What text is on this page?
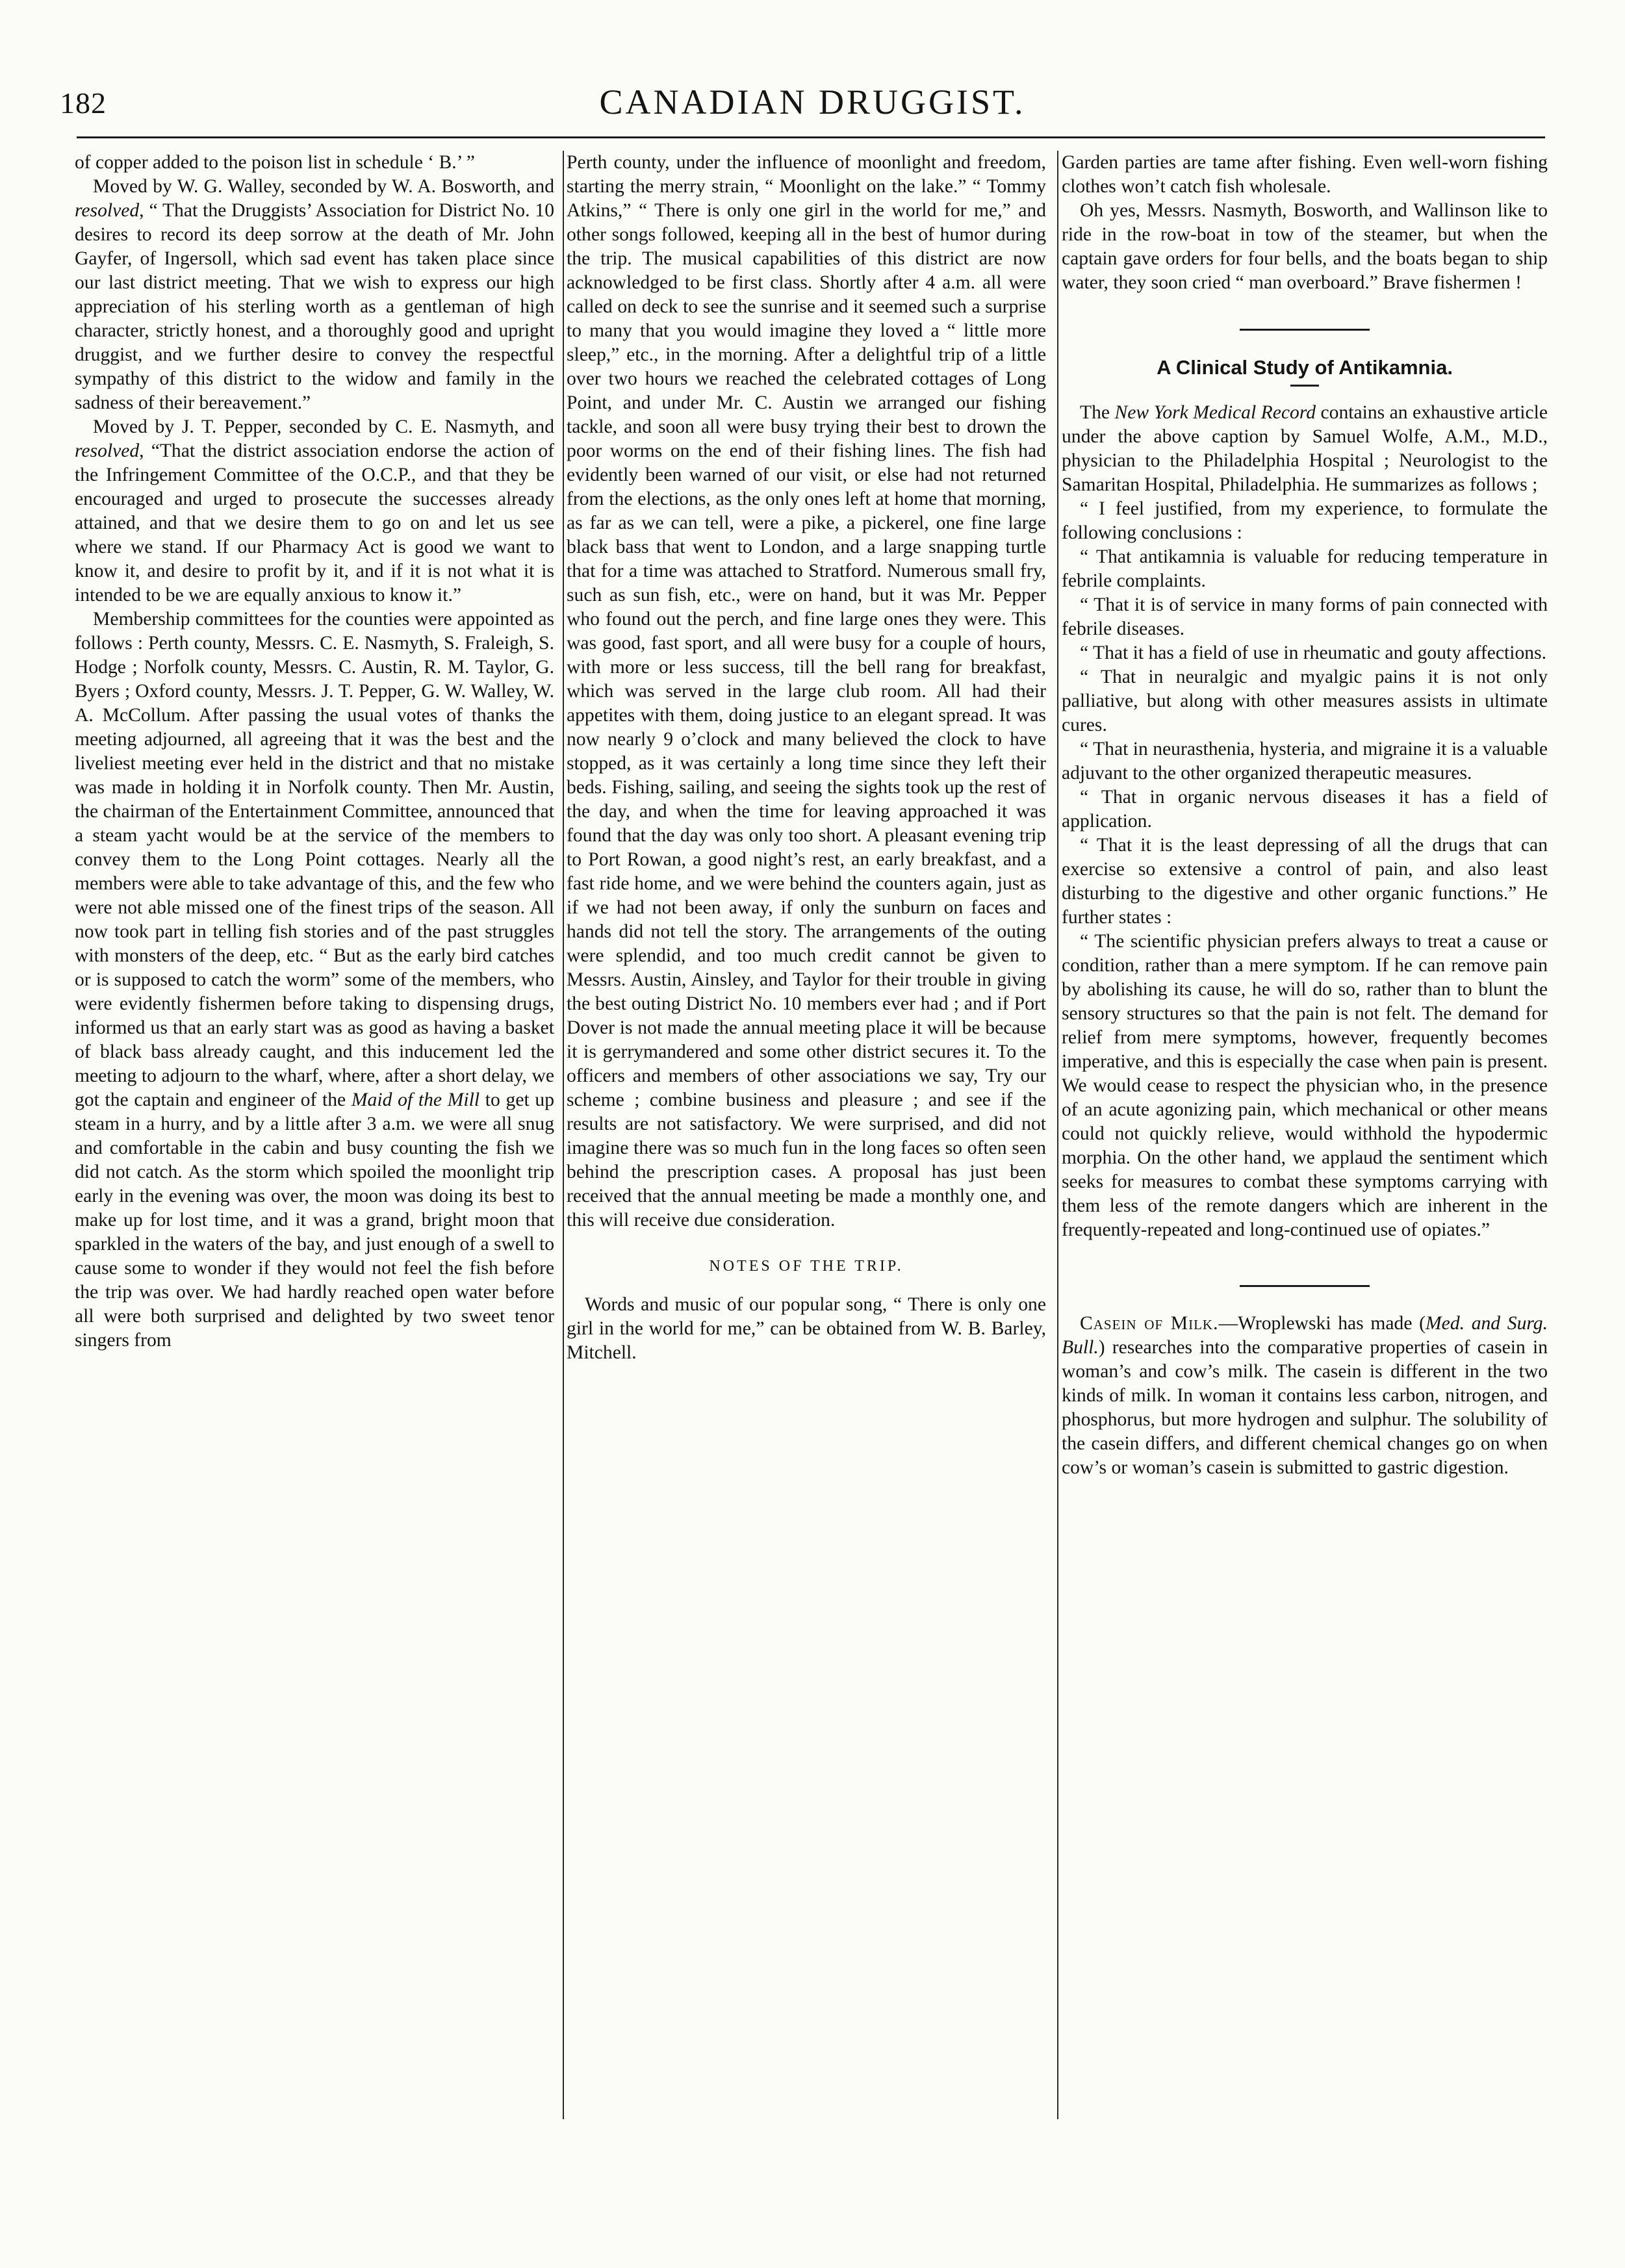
182	CANADIAN DRUGGIST.

of copper added to the poison list in schedule ‘ B.’ ”

Moved by W. G. Walley, seconded by W. A. Bosworth, and resolved, “ That the Druggists’ Association for District No. 10 desires to record its deep sorrow at the death of Mr. John Gayfer, of Ingersoll, which sad event has taken place since our last district meeting. That we wish to express our high appreciation of his sterling worth as a gentleman of high character, strictly honest, and a thoroughly good and upright druggist, and we further desire to convey the respectful sympathy of this district to the widow and family in the sadness of their bereavement.”

Moved by J. T. Pepper, seconded by C. E. Nasmyth, and resolved, “That the district association endorse the action of the Infringement Committee of the O.C.P., and that they be encouraged and urged to prosecute the successes already attained, and that we desire them to go on and let us see where we stand. If our Pharmacy Act is good we want to know it, and desire to profit by it, and if it is not what it is intended to be we are equally anxious to know it.”

Membership committees for the counties were appointed as follows : Perth county, Messrs. C. E. Nasmyth, S. Fraleigh, S. Hodge ; Norfolk county, Messrs. C. Austin, R. M. Taylor, G. Byers ; Oxford county, Messrs. J. T. Pepper, G. W. Walley, W. A. McCollum. After passing the usual votes of thanks the meeting adjourned, all agreeing that it was the best and the liveliest meeting ever held in the district and that no mistake was made in holding it in Norfolk county. Then Mr. Austin, the chairman of the Entertainment Committee, announced that a steam yacht would be at the service of the members to convey them to the Long Point cottages. Nearly all the members were able to take advantage of this, and the few who were not able missed one of the finest trips of the season. All now took part in telling fish stories and of the past struggles with monsters of the deep, etc. “ But as the early bird catches or is supposed to catch the worm” some of the members, who were evidently fishermen before taking to dispensing drugs, informed us that an early start was as good as having a basket of black bass already caught, and this inducement led the meeting to adjourn to the wharf, where, after a short delay, we got the captain and engineer of the Maid of the Mill to get up steam in a hurry, and by a little after 3 a.m. we were all snug and comfortable in the cabin and busy counting the fish we did not catch. As the storm which spoiled the moonlight trip early in the evening was over, the moon was doing its best to make up for lost time, and it was a grand, bright moon that sparkled in the waters of the bay, and just enough of a swell to cause some to wonder if they would not feel the fish before the trip was over. We had hardly reached open water before all were both surprised and delighted by two sweet tenor singers from

Perth county, under the influence of moonlight and freedom, starting the merry strain, “ Moonlight on the lake.” “ Tommy Atkins,” “ There is only one girl in the world for me,” and other songs followed, keeping all in the best of humor during the trip. The musical capabilities of this district are now acknowledged to be first class. Shortly after 4 a.m. all were called on deck to see the sunrise and it seemed such a surprise to many that you would imagine they loved a “ little more sleep,” etc., in the morning. After a delightful trip of a little over two hours we reached the celebrated cottages of Long Point, and under Mr. C. Austin we arranged our fishing tackle, and soon all were busy trying their best to drown the poor worms on the end of their fishing lines. The fish had evidently been warned of our visit, or else had not returned from the elections, as the only ones left at home that morning, as far as we can tell, were a pike, a pickerel, one fine large black bass that went to London, and a large snapping turtle that for a time was attached to Stratford. Numerous small fry, such as sun fish, etc., were on hand, but it was Mr. Pepper who found out the perch, and fine large ones they were. This was good, fast sport, and all were busy for a couple of hours, with more or less success, till the bell rang for breakfast, which was served in the large club room. All had their appetites with them, doing justice to an elegant spread. It was now nearly 9 o’clock and many believed the clock to have stopped, as it was certainly a long time since they left their beds. Fishing, sailing, and seeing the sights took up the rest of the day, and when the time for leaving approached it was found that the day was only too short. A pleasant evening trip to Port Rowan, a good night’s rest, an early breakfast, and a fast ride home, and we were behind the counters again, just as if we had not been away, if only the sunburn on faces and hands did not tell the story. The arrangements of the outing were splendid, and too much credit cannot be given to Messrs. Austin, Ainsley, and Taylor for their trouble in giving the best outing District No. 10 members ever had ; and if Port Dover is not made the annual meeting place it will be because it is gerrymandered and some other district secures it. To the officers and members of other associations we say, Try our scheme ; combine business and pleasure ; and see if the results are not satisfactory. We were surprised, and did not imagine there was so much fun in the long faces so often seen behind the prescription cases. A proposal has just been received that the annual meeting be made a monthly one, and this will receive due consideration.

NOTES OF THE TRIP.

Words and music of our popular song, “ There is only one girl in the world for me,” can be obtained from W. B. Barley, Mitchell.

Garden parties are tame after fishing. Even well-worn fishing clothes won’t catch fish wholesale.

Oh yes, Messrs. Nasmyth, Bosworth, and Wallinson like to ride in the row-boat in tow of the steamer, but when the captain gave orders for four bells, and the boats began to ship water, they soon cried “ man overboard.” Brave fishermen !

A Clinical Study of Antikamnia.

The New York Medical Record contains an exhaustive article under the above caption by Samuel Wolfe, A.M., M.D., physician to the Philadelphia Hospital ; Neurologist to the Samaritan Hospital, Philadelphia. He summarizes as follows ;

“ I feel justified, from my experience, to formulate the following conclusions :

“ That antikamnia is valuable for reducing temperature in febrile complaints.

“ That it is of service in many forms of pain connected with febrile diseases.

“ That it has a field of use in rheumatic and gouty affections.

“ That in neuralgic and myalgic pains it is not only palliative, but along with other measures assists in ultimate cures.

“ That in neurasthenia, hysteria, and migraine it is a valuable adjuvant to the other organized therapeutic measures.

“ That in organic nervous diseases it has a field of application.

“ That it is the least depressing of all the drugs that can exercise so extensive a control of pain, and also least disturbing to the digestive and other organic functions.” He further states :

“ The scientific physician prefers always to treat a cause or condition, rather than a mere symptom. If he can remove pain by abolishing its cause, he will do so, rather than to blunt the sensory structures so that the pain is not felt. The demand for relief from mere symptoms, however, frequently becomes imperative, and this is especially the case when pain is present. We would cease to respect the physician who, in the presence of an acute agonizing pain, which mechanical or other means could not quickly relieve, would withhold the hypodermic morphia. On the other hand, we applaud the sentiment which seeks for measures to combat these symptoms carrying with them less of the remote dangers which are inherent in the frequently-repeated and long-continued use of opiates.”

Casein of Milk.—Wroplewski has made (Med. and Surg. Bull.) researches into the comparative properties of casein in woman’s and cow’s milk. The casein is different in the two kinds of milk. In woman it contains less carbon, nitrogen, and phosphorus, but more hydrogen and sulphur. The solubility of the casein differs, and different chemical changes go on when cow’s or woman’s casein is submitted to gastric digestion.
